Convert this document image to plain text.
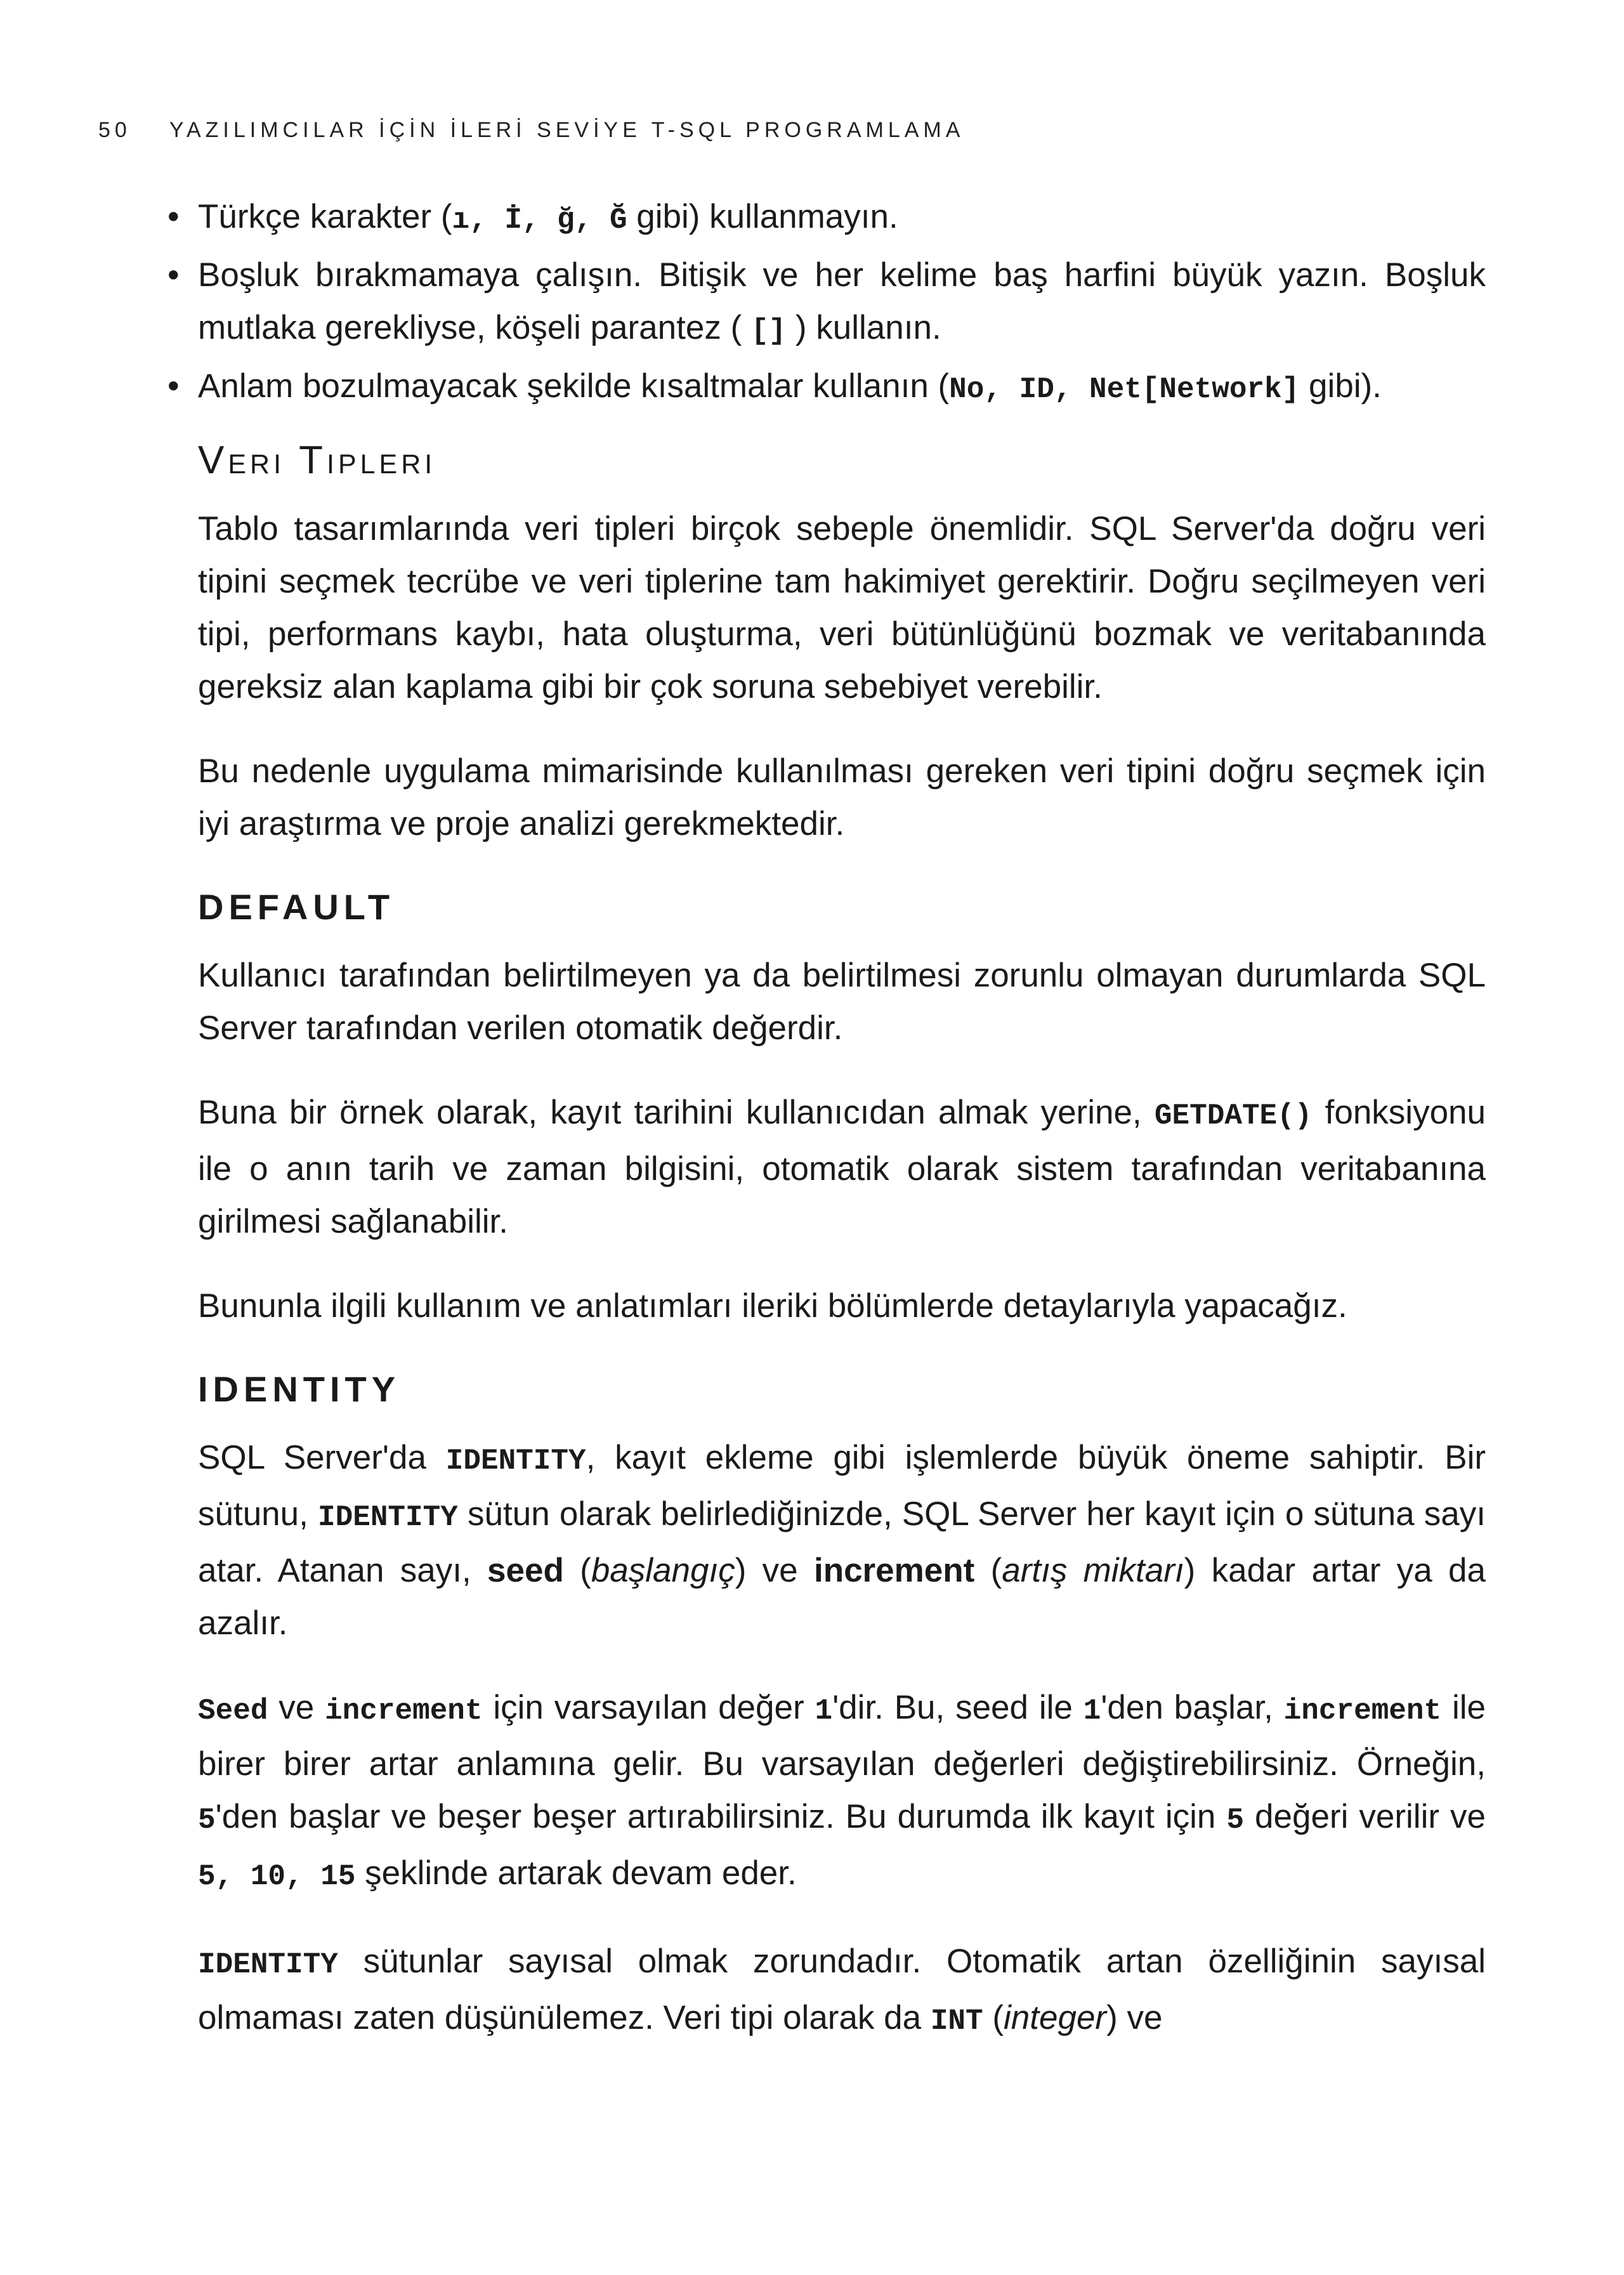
50 YAZILIMCILAR İÇİN İLERİ SEVİYE T-SQL PROGRAMLAMA
• Türkçe karakter (ı, İ, ğ, Ğ gibi) kullanmayın.
• Boşluk bırakmamaya çalışın. Bitişik ve her kelime baş harfini büyük yazın. Boşluk mutlaka gerekliyse, köşeli parantez ( [] ) kullanın.
• Anlam bozulmayacak şekilde kısaltmalar kullanın (No, ID, Net[Network] gibi).
Veri Tipleri

Tablo tasarımlarında veri tipleri birçok sebeple önemlidir. SQL Server'da doğru veri tipini seçmek tecrübe ve veri tiplerine tam hakimiyet gerektirir. Doğru seçilmeyen veri tipi, performans kaybı, hata oluşturma, veri bütünlüğünü bozmak ve veritabanında gereksiz alan kaplama gibi bir çok soruna sebebiyet verebilir.

Bu nedenle uygulama mimarisinde kullanılması gereken veri tipini doğru seçmek için iyi araştırma ve proje analizi gerekmektedir.

DEFAULT

Kullanıcı tarafından belirtilmeyen ya da belirtilmesi zorunlu olmayan durumlarda SQL Server tarafından verilen otomatik değerdir.

Buna bir örnek olarak, kayıt tarihini kullanıcıdan almak yerine, GETDATE() fonksiyonu ile o anın tarih ve zaman bilgisini, otomatik olarak sistem tarafından veritabanına girilmesi sağlanabilir.

Bununla ilgili kullanım ve anlatımları ileriki bölümlerde detaylarıyla yapacağız.

IDENTITY

SQL Server'da IDENTITY, kayıt ekleme gibi işlemlerde büyük öneme sahiptir. Bir sütunu, IDENTITY sütun olarak belirlediğinizde, SQL Server her kayıt için o sütuna sayı atar. Atanan sayı, seed (başlangıç) ve increment (artış miktarı) kadar artar ya da azalır.

Seed ve increment için varsayılan değer 1'dir. Bu, seed ile 1'den başlar, increment ile birer birer artar anlamına gelir. Bu varsayılan değerleri değiştirebilirsiniz. Örneğin, 5'den başlar ve beşer beşer artırabilirsiniz. Bu durumda ilk kayıt için 5 değeri verilir ve 5, 10, 15 şeklinde artarak devam eder.

IDENTITY sütunlar sayısal olmak zorundadır. Otomatik artan özelliğinin sayısal olmaması zaten düşünülemez. Veri tipi olarak da INT (integer) ve
